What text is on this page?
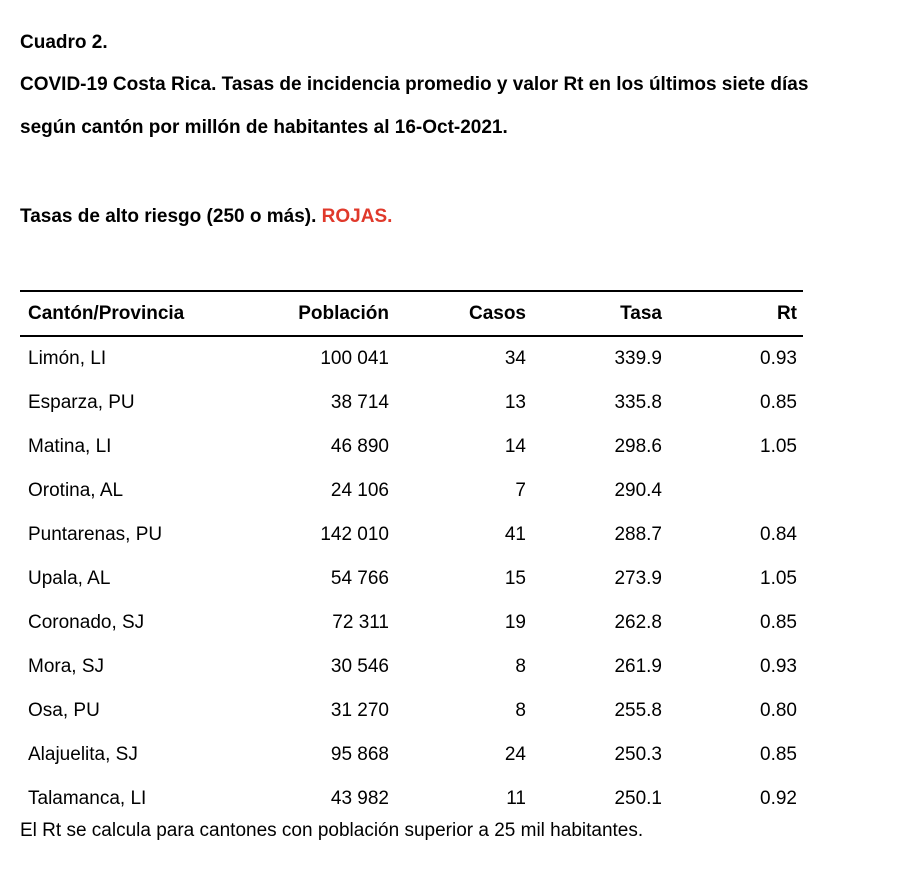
Cuadro 2.
COVID-19 Costa Rica. Tasas de incidencia promedio y valor Rt en los últimos siete días
según cantón por millón de habitantes al 16-Oct-2021.
Tasas de alto riesgo (250 o más). ROJAS.
Cantón/Provincia	Población	Casos	Tasa	Rt
Limón, LI	100 041	34	339.9	0.93
Esparza, PU	38 714	13	335.8	0.85
Matina, LI	46 890	14	298.6	1.05
Orotina, AL	24 106	7	290.4
Puntarenas, PU	142 010	41	288.7	0.84
Upala, AL	54 766	15	273.9	1.05
Coronado, SJ	72 311	19	262.8	0.85
Mora, SJ	30 546	8	261.9	0.93
Osa, PU	31 270	8	255.8	0.80
Alajuelita, SJ	95 868	24	250.3	0.85
Talamanca, LI	43 982	11	250.1	0.92
El Rt se calcula para cantones con población superior a 25 mil habitantes.
